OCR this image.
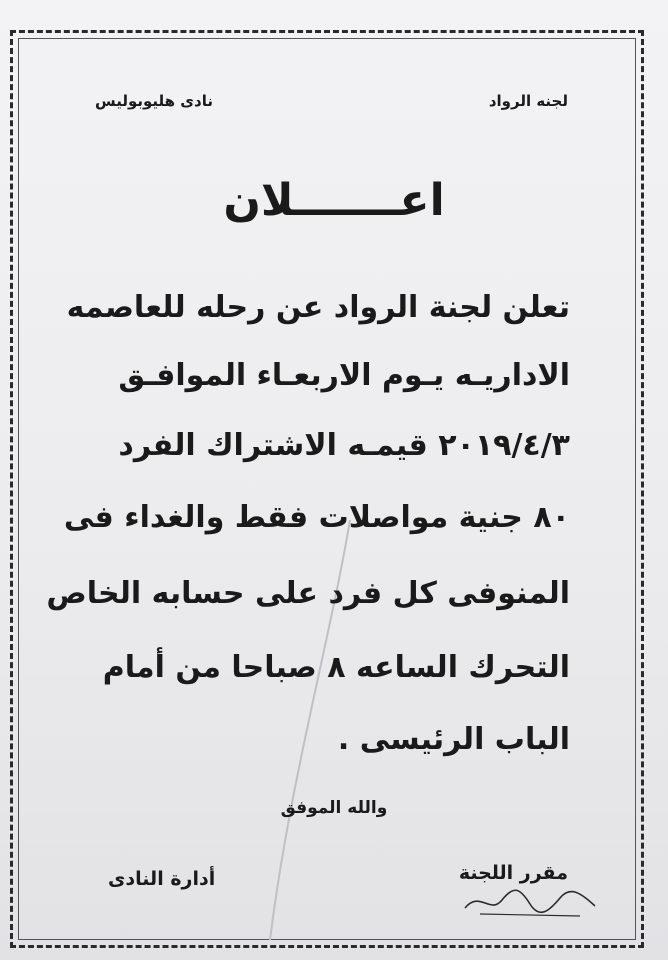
لجنه الرواد
نادى هليوبوليس
اعـــــــلان
تعلن لجنة الرواد عن رحله للعاصمه
الاداريـه يـوم الاربعـاء الموافـق
٢٠١٩/٤/٣ قيمـه الاشتراك الفرد
٨٠ جنية مواصلات فقط والغداء فى
المنوفى كل فرد على حسابه الخاص
التحرك الساعه ٨ صباحا من أمام
الباب الرئيسى .
والله الموفق
مقرر اللجنة
أدارة النادى
